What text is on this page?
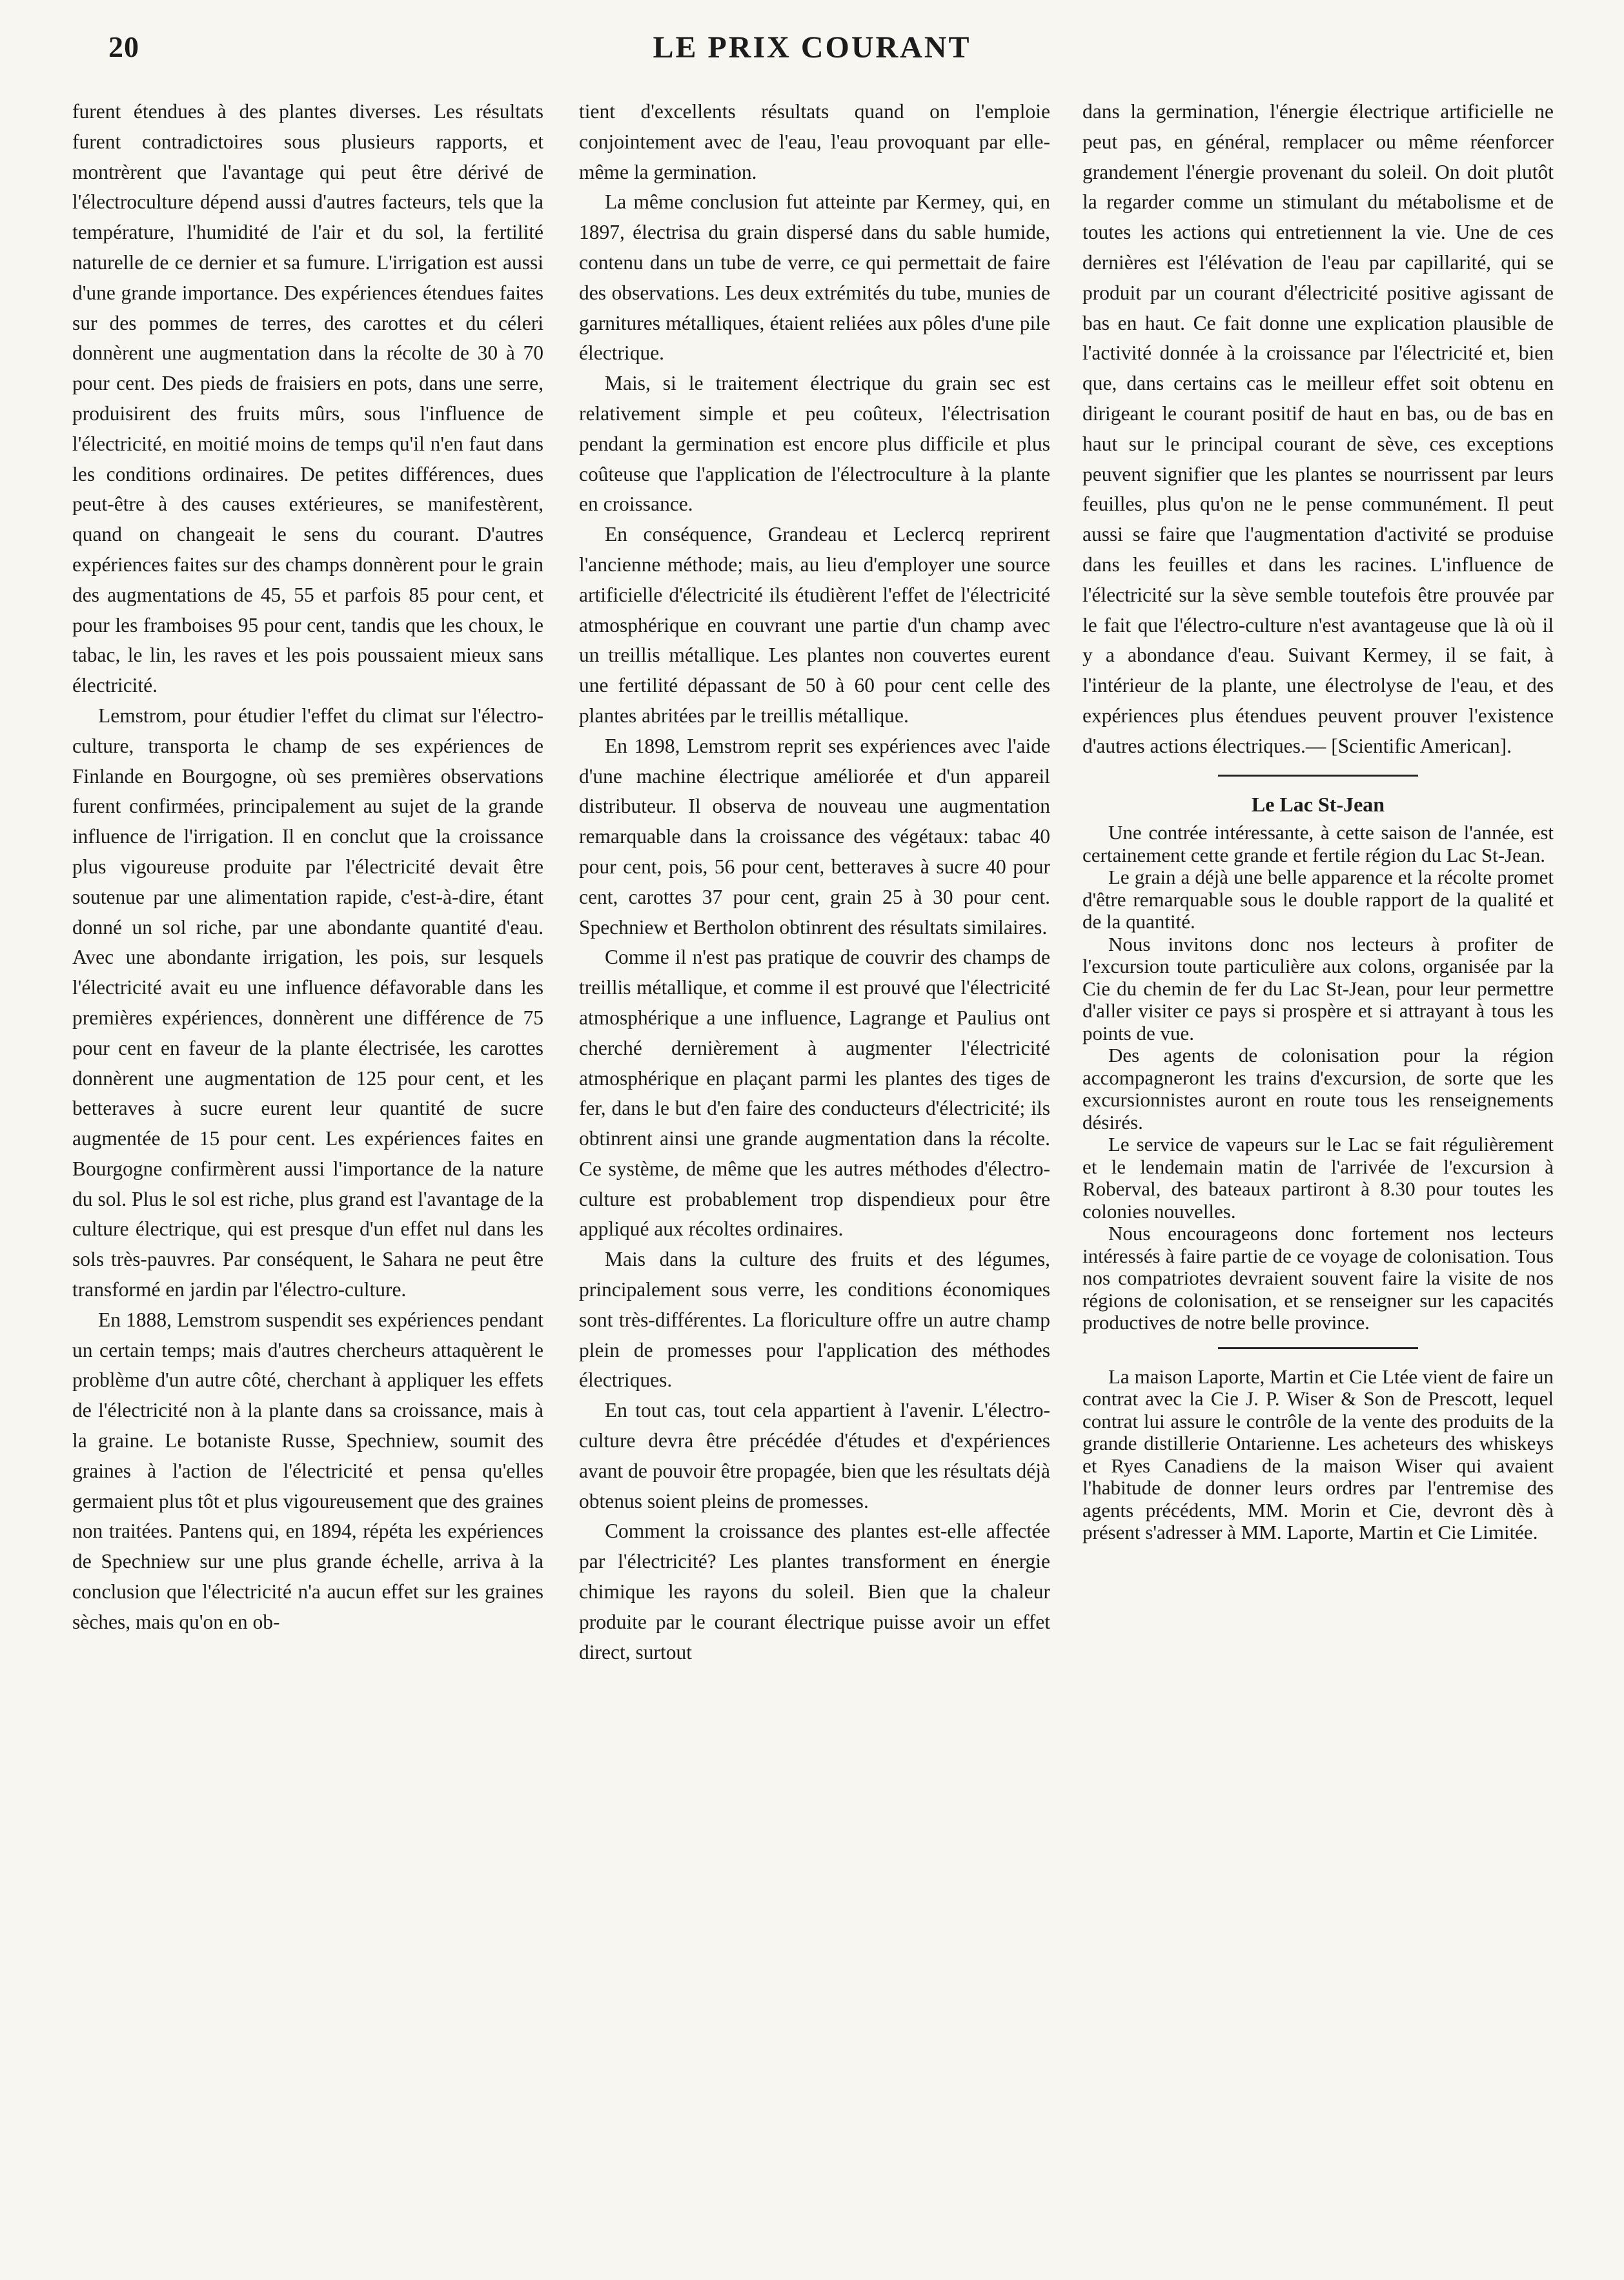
20	LE PRIX COURANT

furent étendues à des plantes diverses. Les résultats furent contradictoires sous plusieurs rapports, et montrèrent que l'avantage qui peut être dérivé de l'électroculture dépend aussi d'autres facteurs, tels que la température, l'humidité de l'air et du sol, la fertilité naturelle de ce dernier et sa fumure. L'irrigation est aussi d'une grande importance. Des expériences étendues faites sur des pommes de terres, des carottes et du céleri donnèrent une augmentation dans la récolte de 30 à 70 pour cent. Des pieds de fraisiers en pots, dans une serre, produisirent des fruits mûrs, sous l'influence de l'électricité, en moitié moins de temps qu'il n'en faut dans les conditions ordinaires. De petites différences, dues peut-être à des causes extérieures, se manifestèrent, quand on changeait le sens du courant. D'autres expériences faites sur des champs donnèrent pour le grain des augmentations de 45, 55 et parfois 85 pour cent, et pour les framboises 95 pour cent, tandis que les choux, le tabac, le lin, les raves et les pois poussaient mieux sans électricité.

Lemstrom, pour étudier l'effet du climat sur l'électro-culture, transporta le champ de ses expériences de Finlande en Bourgogne, où ses premières observations furent confirmées, principalement au sujet de la grande influence de l'irrigation. Il en conclut que la croissance plus vigoureuse produite par l'électricité devait être soutenue par une alimentation rapide, c'est-à-dire, étant donné un sol riche, par une abondante quantité d'eau. Avec une abondante irrigation, les pois, sur lesquels l'électricité avait eu une influence défavorable dans les premières expériences, donnèrent une différence de 75 pour cent en faveur de la plante électrisée, les carottes donnèrent une augmentation de 125 pour cent, et les betteraves à sucre eurent leur quantité de sucre augmentée de 15 pour cent. Les expériences faites en Bourgogne confirmèrent aussi l'importance de la nature du sol. Plus le sol est riche, plus grand est l'avantage de la culture électrique, qui est presque d'un effet nul dans les sols très-pauvres. Par conséquent, le Sahara ne peut être transformé en jardin par l'électro-culture.

En 1888, Lemstrom suspendit ses expériences pendant un certain temps; mais d'autres chercheurs attaquèrent le problème d'un autre côté, cherchant à appliquer les effets de l'électricité non à la plante dans sa croissance, mais à la graine. Le botaniste Russe, Spechniew, soumit des graines à l'action de l'électricité et pensa qu'elles germaient plus tôt et plus vigoureusement que des graines non traitées. Pantens qui, en 1894, répéta les expériences de Spechniew sur une plus grande échelle, arriva à la conclusion que l'électricité n'a aucun effet sur les graines sèches, mais qu'on en ob-

tient d'excellents résultats quand on l'emploie conjointement avec de l'eau, l'eau provoquant par elle-même la germination.

La même conclusion fut atteinte par Kermey, qui, en 1897, électrisa du grain dispersé dans du sable humide, contenu dans un tube de verre, ce qui permettait de faire des observations. Les deux extrémités du tube, munies de garnitures métalliques, étaient reliées aux pôles d'une pile électrique.

Mais, si le traitement électrique du grain sec est relativement simple et peu coûteux, l'électrisation pendant la germination est encore plus difficile et plus coûteuse que l'application de l'électroculture à la plante en croissance.

En conséquence, Grandeau et Leclercq reprirent l'ancienne méthode; mais, au lieu d'employer une source artificielle d'électricité ils étudièrent l'effet de l'électricité atmosphérique en couvrant une partie d'un champ avec un treillis métallique. Les plantes non couvertes eurent une fertilité dépassant de 50 à 60 pour cent celle des plantes abritées par le treillis métallique.

En 1898, Lemstrom reprit ses expériences avec l'aide d'une machine électrique améliorée et d'un appareil distributeur. Il observa de nouveau une augmentation remarquable dans la croissance des végétaux: tabac 40 pour cent, pois, 56 pour cent, betteraves à sucre 40 pour cent, carottes 37 pour cent, grain 25 à 30 pour cent. Spechniew et Bertholon obtinrent des résultats similaires.

Comme il n'est pas pratique de couvrir des champs de treillis métallique, et comme il est prouvé que l'électricité atmosphérique a une influence, Lagrange et Paulius ont cherché dernièrement à augmenter l'électricité atmosphérique en plaçant parmi les plantes des tiges de fer, dans le but d'en faire des conducteurs d'électricité; ils obtinrent ainsi une grande augmentation dans la récolte. Ce système, de même que les autres méthodes d'électro-culture est probablement trop dispendieux pour être appliqué aux récoltes ordinaires.

Mais dans la culture des fruits et des légumes, principalement sous verre, les conditions économiques sont très-différentes. La floriculture offre un autre champ plein de promesses pour l'application des méthodes électriques.

En tout cas, tout cela appartient à l'avenir. L'électro-culture devra être précédée d'études et d'expériences avant de pouvoir être propagée, bien que les résultats déjà obtenus soient pleins de promesses.

Comment la croissance des plantes est-elle affectée par l'électricité? Les plantes transforment en énergie chimique les rayons du soleil. Bien que la chaleur produite par le courant électrique puisse avoir un effet direct, surtout

dans la germination, l'énergie électrique artificielle ne peut pas, en général, remplacer ou même réenforcer grandement l'énergie provenant du soleil. On doit plutôt la regarder comme un stimulant du métabolisme et de toutes les actions qui entretiennent la vie. Une de ces dernières est l'élévation de l'eau par capillarité, qui se produit par un courant d'électricité positive agissant de bas en haut. Ce fait donne une explication plausible de l'activité donnée à la croissance par l'électricité et, bien que, dans certains cas le meilleur effet soit obtenu en dirigeant le courant positif de haut en bas, ou de bas en haut sur le principal courant de sève, ces exceptions peuvent signifier que les plantes se nourrissent par leurs feuilles, plus qu'on ne le pense communément. Il peut aussi se faire que l'augmentation d'activité se produise dans les feuilles et dans les racines. L'influence de l'électricité sur la sève semble toutefois être prouvée par le fait que l'électro-culture n'est avantageuse que là où il y a abondance d'eau. Suivant Kermey, il se fait, à l'intérieur de la plante, une électrolyse de l'eau, et des expériences plus étendues peuvent prouver l'existence d'autres actions électriques.— [Scientific American].

Le Lac St-Jean

Une contrée intéressante, à cette saison de l'année, est certainement cette grande et fertile région du Lac St-Jean.

Le grain a déjà une belle apparence et la récolte promet d'être remarquable sous le double rapport de la qualité et de la quantité.

Nous invitons donc nos lecteurs à profiter de l'excursion toute particulière aux colons, organisée par la Cie du chemin de fer du Lac St-Jean, pour leur permettre d'aller visiter ce pays si prospère et si attrayant à tous les points de vue.

Des agents de colonisation pour la région accompagneront les trains d'excursion, de sorte que les excursionnistes auront en route tous les renseignements désirés.

Le service de vapeurs sur le Lac se fait régulièrement et le lendemain matin de l'arrivée de l'excursion à Roberval, des bateaux partiront à 8.30 pour toutes les colonies nouvelles.

Nous encourageons donc fortement nos lecteurs intéressés à faire partie de ce voyage de colonisation. Tous nos compatriotes devraient souvent faire la visite de nos régions de colonisation, et se renseigner sur les capacités productives de notre belle province.

La maison Laporte, Martin et Cie Ltée vient de faire un contrat avec la Cie J. P. Wiser & Son de Prescott, lequel contrat lui assure le contrôle de la vente des produits de la grande distillerie Ontarienne. Les acheteurs des whiskeys et Ryes Canadiens de la maison Wiser qui avaient l'habitude de donner leurs ordres par l'entremise des agents précédents, MM. Morin et Cie, devront dès à présent s'adresser à MM. Laporte, Martin et Cie Limitée.
